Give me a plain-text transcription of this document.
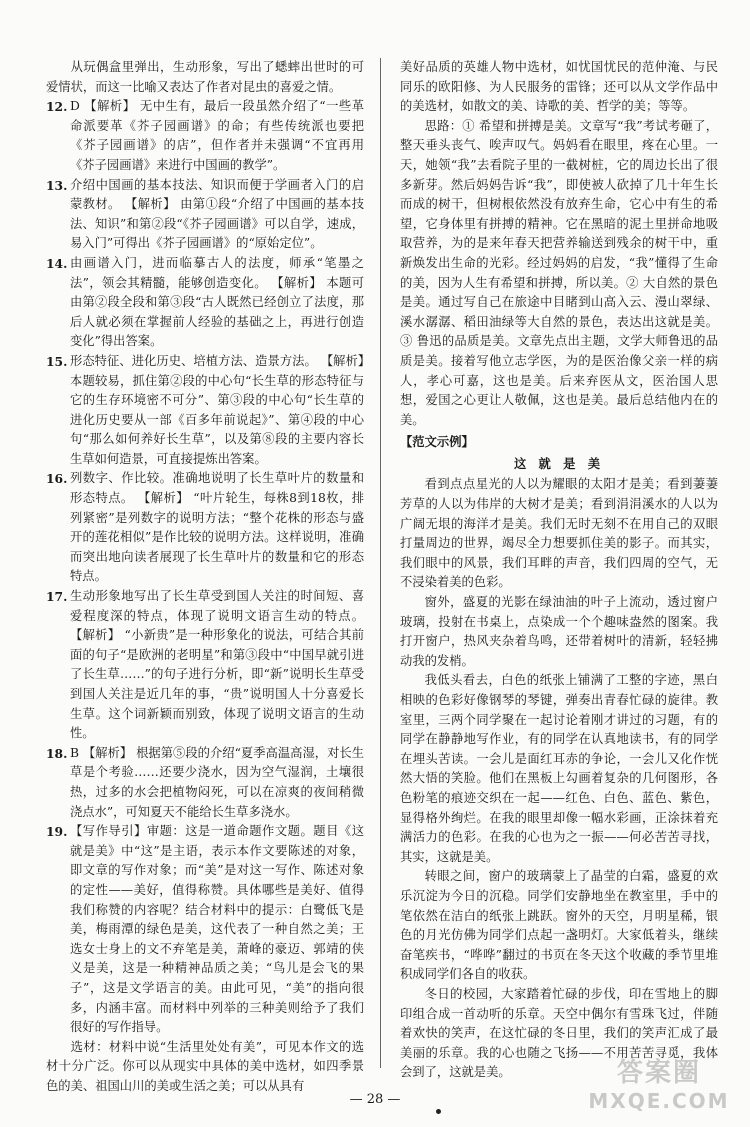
从玩偶盒里弹出，生动形象，写出了蟋蟀出世时的可爱情状，而这一比喻又表达了作者对昆虫的喜爱之情。

12. D 【解析】 无中生有，最后一段虽然介绍了“一些革命派要革《芥子园画谱》的命；有些传统派也要把《芥子园画谱》的店”，但作者并未强调“不宜再用《芥子园画谱》来进行中国画的教学”。
13. 介绍中国画的基本技法、知识而便于学画者入门的启蒙教材。 【解析】 由第①段“介绍了中国画的基本技法、知识”和第②段“《芥子园画谱》可以自学，速成，易入门”可得出《芥子园画谱》的“原始定位”。
14. 由画谱入门，进而临摹古人的法度，师承“笔墨之法”，领会其精髓，能够创造变化。 【解析】 本题可由第②段全段和第③段“古人既然已经创立了法度，那后人就必须在掌握前人经验的基础之上，再进行创造变化”得出答案。
15. 形态特征、进化历史、培植方法、造景方法。 【解析】本题较易，抓住第②段的中心句“长生草的形态特征与它的生存环境密不可分”、第③段的中心句“长生草的进化历史要从一部《百多年前说起》”、第④段的中心句“那么如何养好长生草”，以及第⑧段的主要内容长生草如何造景，可直接提炼出答案。
16. 列数字、作比较。准确地说明了长生草叶片的数量和形态特点。 【解析】 “叶片轮生，每株8到18枚，排列紧密”是列数字的说明方法；“整个花株的形态与盛开的莲花相似”是作比较的说明方法。这样说明，准确而突出地向读者展现了长生草叶片的数量和它的形态特点。
17. 生动形象地写出了长生草受到国人关注的时间短、喜爱程度深的特点，体现了说明文语言生动的特点。 【解析】 “小新贵”是一种形象化的说法，可结合其前面的句子“是欧洲的老明星”和第③段中“中国早就引进了长生草……”的句子进行分析，即“新”说明长生草受到国人关注是近几年的事，“贵”说明国人十分喜爱长生草。这个词新颖而别致，体现了说明文语言的生动性。
18. B 【解析】 根据第⑤段的介绍“夏季高温高湿，对长生草是个考验……还要少浇水，因为空气湿润，土壤很热，过多的水会把植物闷死，可以在凉爽的夜间稍微浇点水”，可知夏天不能给长生草多浇水。
19. 【写作导引】审题：这是一道命题作文题。题目《这就是美》中“这”是主语，表示本作文要陈述的对象，即文章的写作对象；而“美”是对这一写作、陈述对象的定性——美好，值得称赞。具体哪些是美好、值得我们称赞的内容呢？结合材料中的提示：白鹭低飞是美，梅雨潭的绿色是美，这代表了一种自然之美；王选女士身上的文不弃笔是美，萧峰的豪迈、郭靖的侠义是美，这是一种精神品质之美；“鸟儿是会飞的果子”，这是文学语言的美。由此可见，“美”的指向很多，内涵丰富。而材料中列举的三种美则给予了我们很好的写作指导。

选材：材料中说“生活里处处有美”，可见本作文的选材十分广泛。你可以从现实中具体的美中选材，如四季景色的美、祖国山川的美或生活之美；可以从具有

美好品质的英雄人物中选材，如忧国忧民的范仲淹、与民同乐的欧阳修、为人民服务的雷锋；还可以从文学作品中的美选材，如散文的美、诗歌的美、哲学的美；等等。

思路：① 希望和拼搏是美。文章写“我”考试考砸了，整天垂头丧气、唉声叹气。妈妈看在眼里，疼在心里。一天，她领“我”去看院子里的一截树桩，它的周边长出了很多新芽。然后妈妈告诉“我”，即使被人砍掉了几十年生长而成的树干，但树根依然没有放弃生命，它心中有生的希望，它身体里有拼搏的精神。它在黑暗的泥土里拼命地吸取营养，为的是来年春天把营养输送到残余的树干中，重新焕发出生命的光彩。经过妈妈的启发，“我”懂得了生命的美，因为人生有希望和拼搏，所以美。② 大自然的景色是美。通过写自己在旅途中目睹到山高入云、漫山翠绿、溪水潺潺、稻田油绿等大自然的景色，表达出这就是美。③ 鲁迅的品质是美。文章先点出主题，文学大师鲁迅的品质是美。接着写他立志学医，为的是医治像父亲一样的病人，孝心可嘉，这也是美。后来弃医从文，医治国人思想，爱国之心更让人敬佩，这也是美。最后总结他内在的美。

【范文示例】
这 就 是 美

看到点点星光的人以为耀眼的太阳才是美；看到萋萋芳草的人以为伟岸的大树才是美；看到涓涓溪水的人以为广阔无垠的海洋才是美。我们无时无刻不在用自己的双眼打量周边的世界，竭尽全力想要抓住美的影子。而其实，我们眼中的风景，我们耳畔的声音，我们四周的空气，无不浸染着美的色彩。

窗外，盛夏的光影在绿油油的叶子上流动，透过窗户玻璃，投射在书桌上，点染成一个个趣味盎然的图案。我打开窗户，热风夹杂着鸟鸣，还带着树叶的清新，轻轻拂动我的发梢。

我低头看去，白色的纸张上铺满了工整的字迹，黑白相映的色彩好像钢琴的琴键，弹奏出青春忙碌的旋律。教室里，三两个同学聚在一起讨论着刚才讲过的习题，有的同学在静静地写作业，有的同学在认真地读书，有的同学在埋头苦读。一会儿是面红耳赤的争论，一会儿又化作恍然大悟的笑脸。他们在黑板上勾画着复杂的几何图形，各色粉笔的痕迹交织在一起——红色、白色、蓝色、紫色，显得格外绚烂。在我的眼里却像一幅水彩画，正涂抹着充满活力的色彩。在我的心也为之一振——何必苦苦寻找，其实，这就是美。

转眼之间，窗户的玻璃蒙上了晶莹的白霜，盛夏的欢乐沉淀为今日的沉稳。同学们安静地坐在教室里，手中的笔依然在洁白的纸张上跳跃。窗外的天空，月明星稀，银色的月光仿佛为同学们点起一盏明灯。大家低着头，继续奋笔疾书，“哗哗”翻过的书页在冬天这个收藏的季节里堆积成同学们各自的收获。

冬日的校园，大家踏着忙碌的步伐，印在雪地上的脚印组合成一首动听的乐章。天空中偶尔有雪珠飞过，伴随着欢快的笑声，在这忙碌的冬日里，我们的笑声汇成了最美丽的乐章。我的心也随之飞扬——不用苦苦寻觅，我体会到了，这就是美。

— 28 —
答案圈
MXQE.COM
